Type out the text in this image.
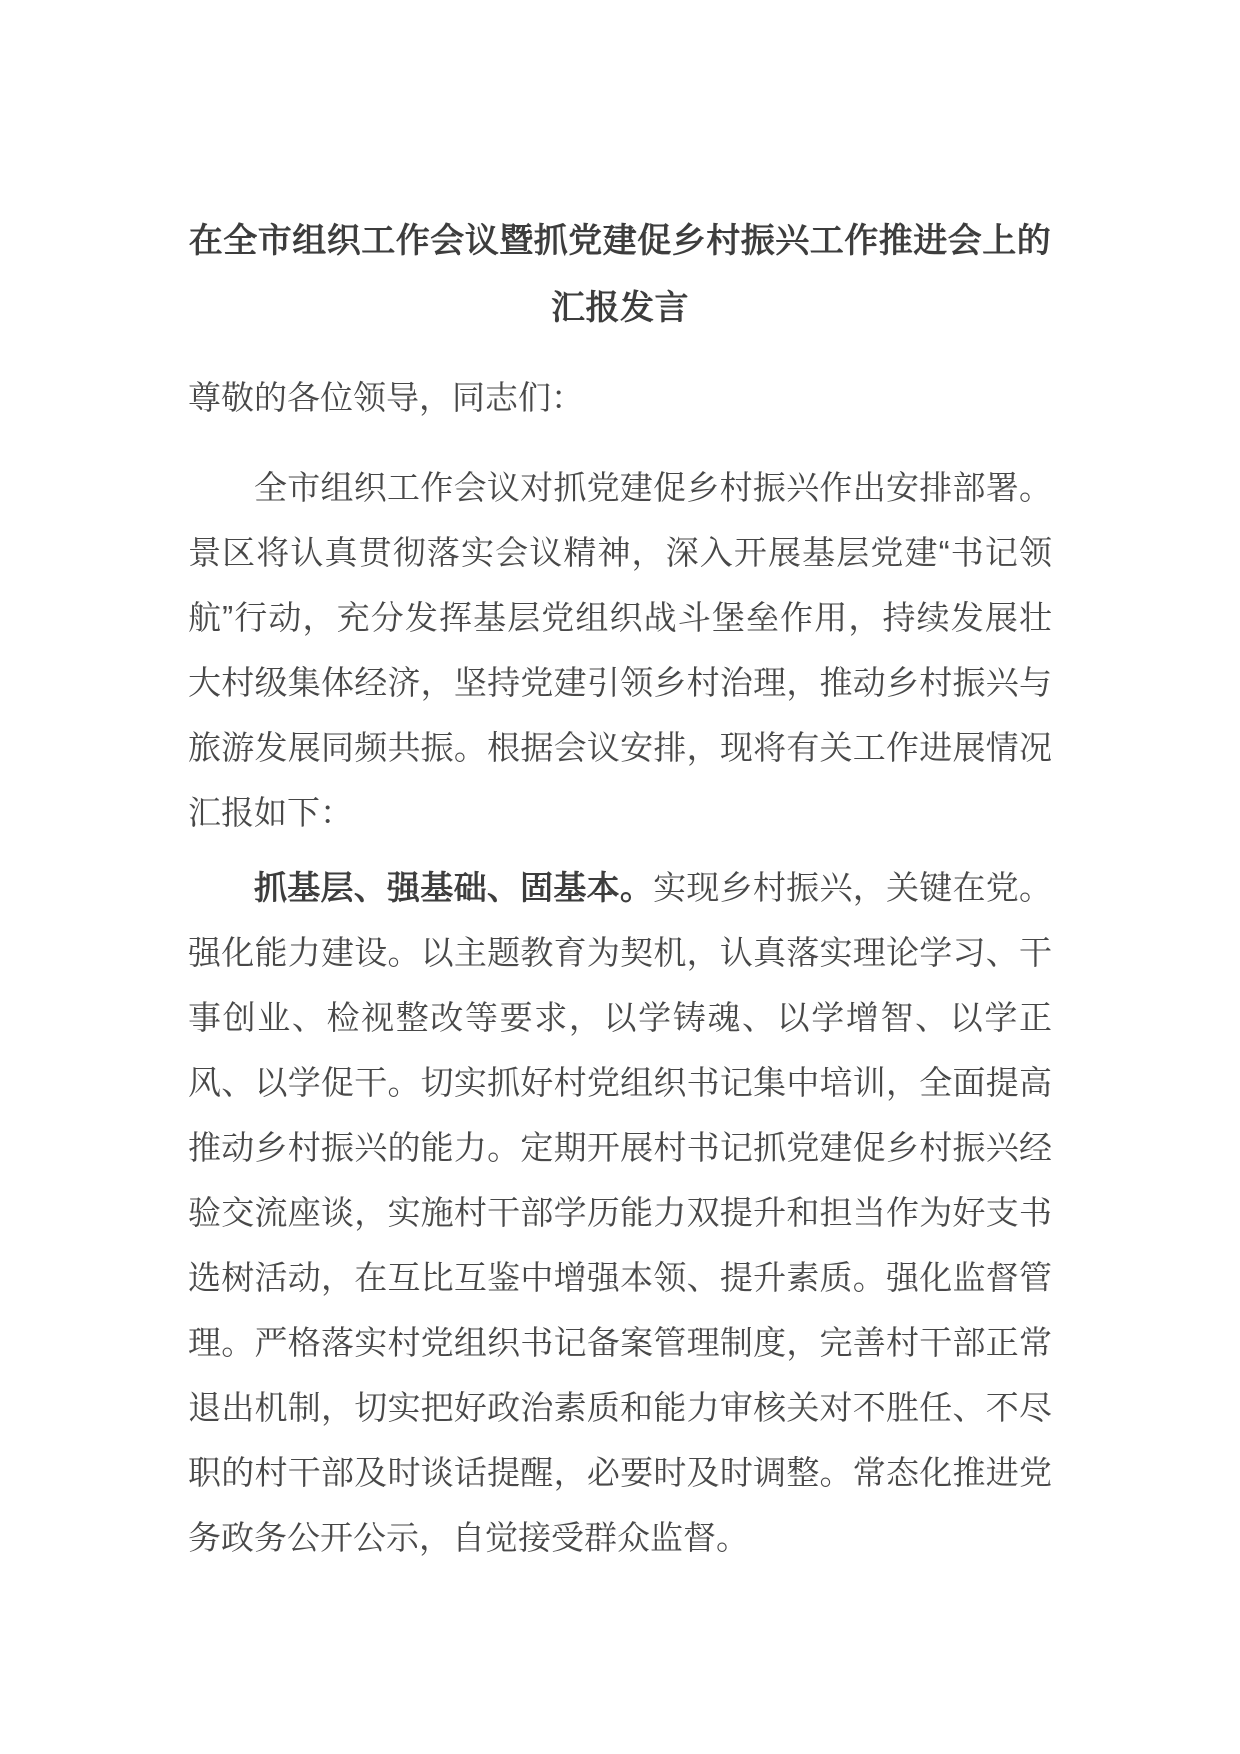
在全市组织工作会议暨抓党建促乡村振兴工作推进会上的
汇报发言

尊敬的各位领导，同志们：

全市组织工作会议对抓党建促乡村振兴作出安排部署。景区将认真贯彻落实会议精神，深入开展基层党建“书记领航”行动，充分发挥基层党组织战斗堡垒作用，持续发展壮大村级集体经济，坚持党建引领乡村治理，推动乡村振兴与旅游发展同频共振。根据会议安排，现将有关工作进展情况汇报如下：

抓基层、强基础、固基本。实现乡村振兴，关键在党。强化能力建设。以主题教育为契机，认真落实理论学习、干事创业、检视整改等要求，以学铸魂、以学增智、以学正风、以学促干。切实抓好村党组织书记集中培训，全面提高推动乡村振兴的能力。定期开展村书记抓党建促乡村振兴经验交流座谈，实施村干部学历能力双提升和担当作为好支书选树活动，在互比互鉴中增强本领、提升素质。强化监督管理。严格落实村党组织书记备案管理制度，完善村干部正常退出机制，切实把好政治素质和能力审核关对不胜任、不尽职的村干部及时谈话提醒，必要时及时调整。常态化推进党务政务公开公示，自觉接受群众监督。
